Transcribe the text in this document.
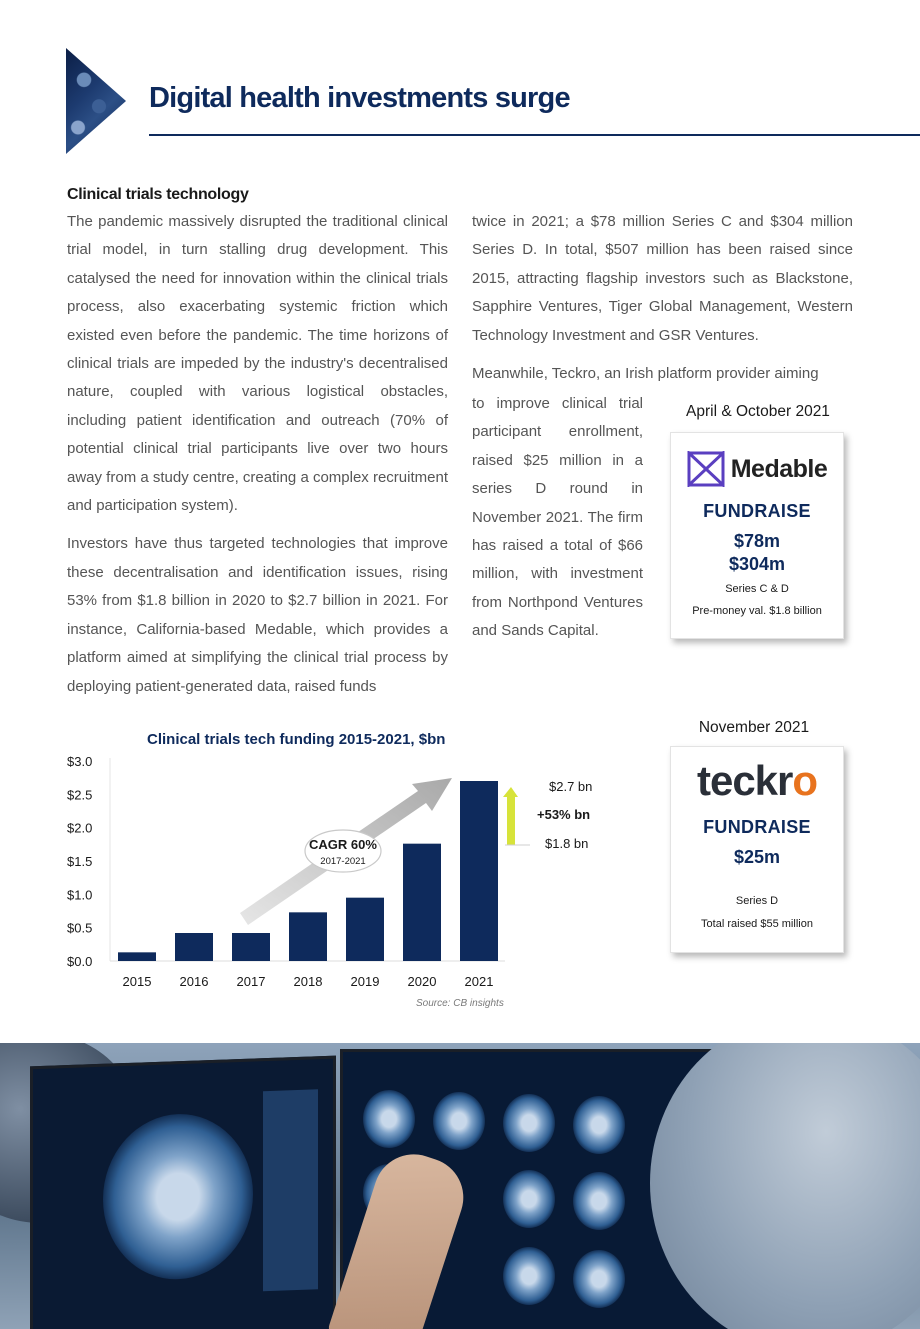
Digital health investments surge
Clinical trials technology

The pandemic massively disrupted the traditional clinical trial model, in turn stalling drug development. This catalysed the need for innovation within the clinical trials process, also exacerbating systemic friction which existed even before the pandemic. The time horizons of clinical trials are impeded by the industry's decentralised nature, coupled with various logistical obstacles, including patient identification and outreach (70% of potential clinical trial participants live over two hours away from a study centre, creating a complex recruitment and participation system).

Investors have thus targeted technologies that improve these decentralisation and identification issues, rising 53% from $1.8 billion in 2020 to $2.7 billion in 2021. For instance, California-based Medable, which provides a platform aimed at simplifying the clinical trial process by deploying patient-generated data, raised funds

twice in 2021; a $78 million Series C and $304 million Series D. In total, $507 million has been raised since 2015, attracting flagship investors such as Blackstone, Sapphire Ventures, Tiger Global Management, Western Technology Investment and GSR Ventures.

Meanwhile, Teckro, an Irish platform provider aiming

to improve clinical trial participant enrollment, raised $25 million in a series D round in November 2021. The firm has raised a total of $66 million, with investment from Northpond Ventures and Sands Capital.

April & October 2021
Medable
FUNDRAISE
$78m
$304m
Series C & D
Pre-money val. $1.8 billion
November 2021
teckro
FUNDRAISE
$25m
Series D
Total raised $55 million
Clinical trials tech funding 2015-2021, $bn
$0.0
$0.5
$1.0
$1.5
$2.0
$2.5
$3.0
2015 2016 2017 2018 2019 2020 2021
CAGR 60%
2017-2021
$2.7 bn
+53% bn
$1.8 bn
Source: CB insights
